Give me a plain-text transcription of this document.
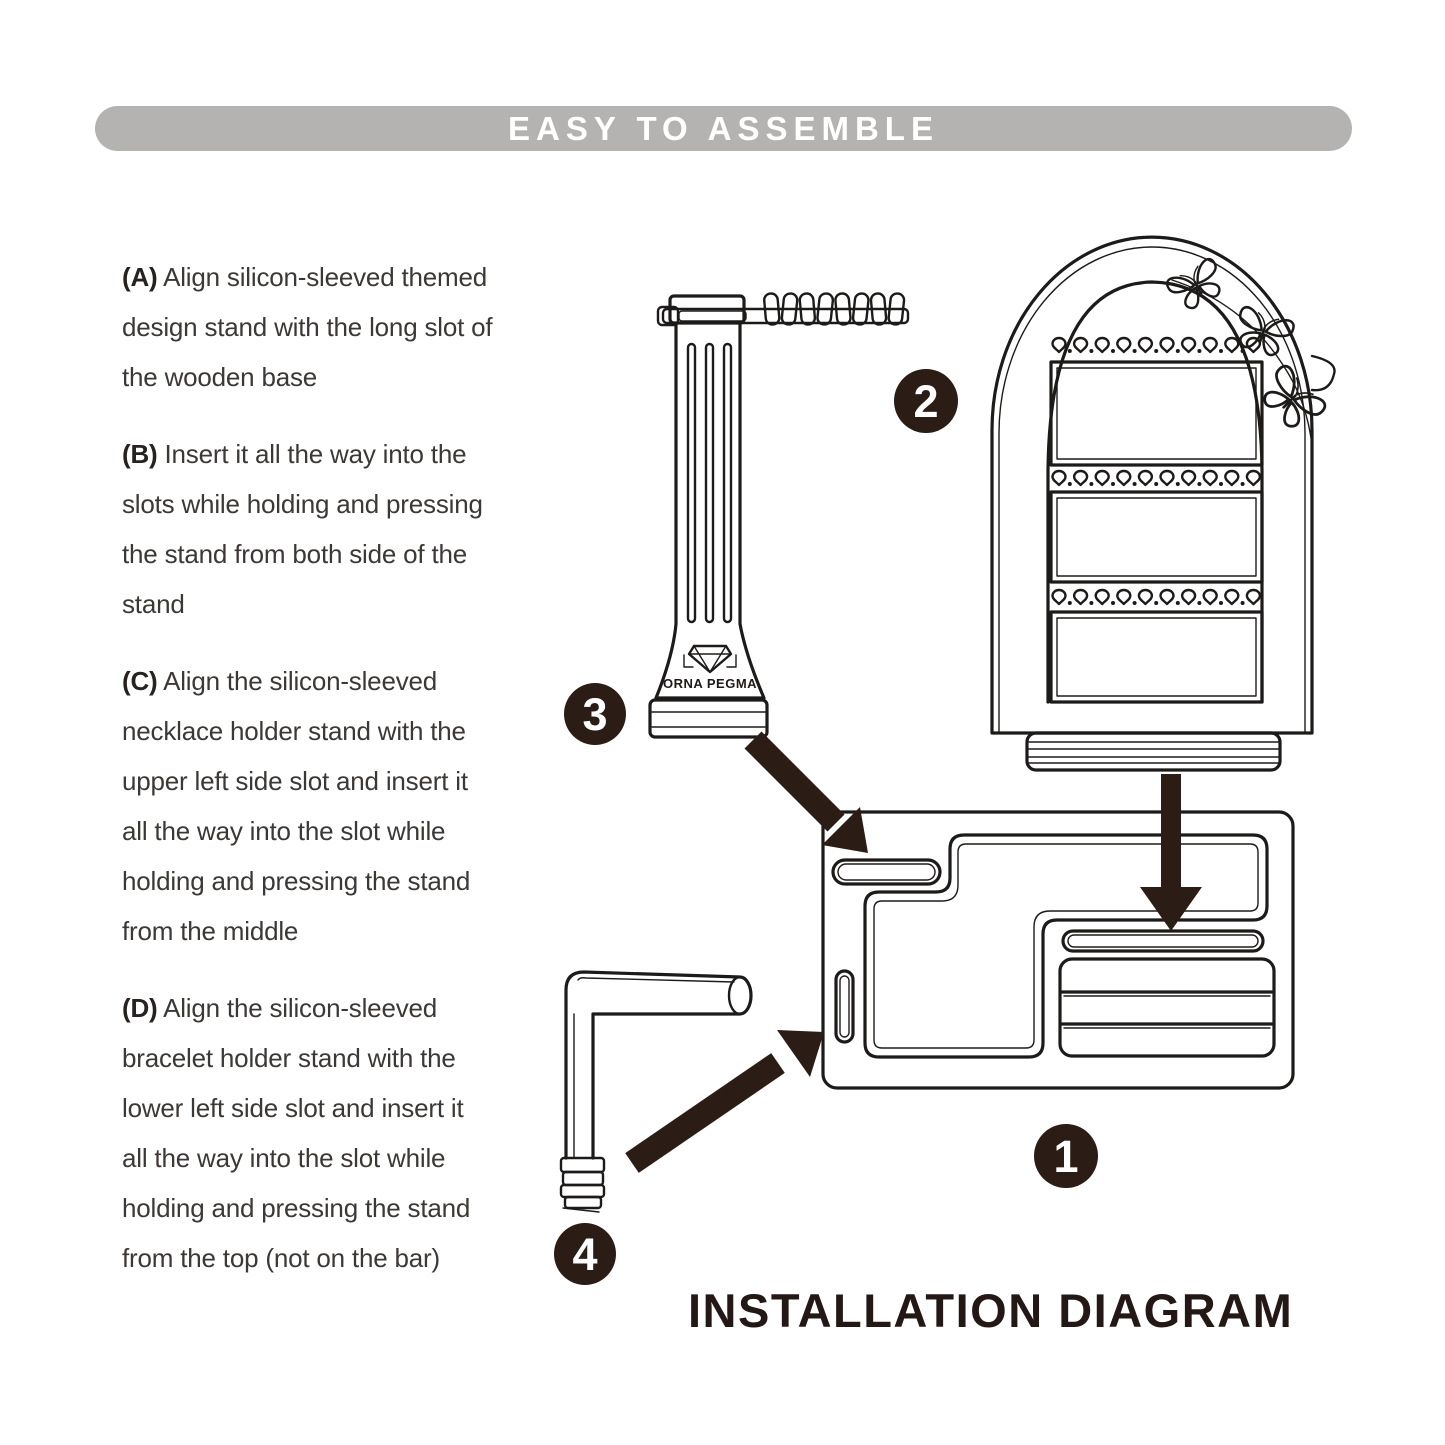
EASY TO ASSEMBLE

(A) Align silicon-sleeved themed
design stand with the long slot of
the wooden base

(B) Insert it all the way into the
slots while holding and pressing
the stand from both side of the
stand

(C) Align the silicon-sleeved
necklace holder stand with the
upper left side slot and insert it
all the way into the slot while
holding and pressing the stand
from the middle

(D) Align the silicon-sleeved
bracelet holder stand with the
lower left side slot and insert it
all the way into the slot while
holding and pressing the stand
from the top (not on the bar)

ORNA PEGMA
1
2
3
4
INSTALLATION DIAGRAM
